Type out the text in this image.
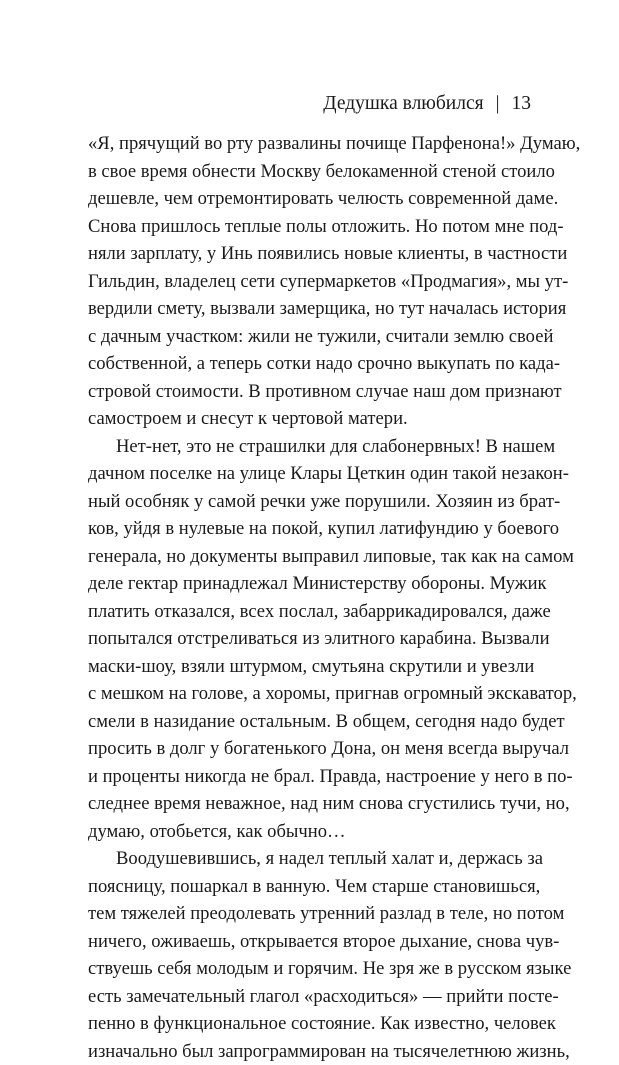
Дедушка влюбился | 13
«Я, прячущий во рту развалины почище Парфенона!» Думаю,
в свое время обнести Москву белокаменной стеной стоило
дешевле, чем отремонтировать челюсть современной даме.
Снова пришлось теплые полы отложить. Но потом мне под-
няли зарплату, у Инь появились новые клиенты, в частности
Гильдин, владелец сети супермаркетов «Продмагия», мы ут-
вердили смету, вызвали замерщика, но тут началась история
с дачным участком: жили не тужили, считали землю своей
собственной, а теперь сотки надо срочно выкупать по када-
стровой стоимости. В противном случае наш дом признают
самостроем и снесут к чертовой матери.
Нет-нет, это не страшилки для слабонервных! В нашем
дачном поселке на улице Клары Цеткин один такой незакон-
ный особняк у самой речки уже порушили. Хозяин из брат-
ков, уйдя в нулевые на покой, купил латифундию у боевого
генерала, но документы выправил липовые, так как на самом
деле гектар принадлежал Министерству обороны. Мужик
платить отказался, всех послал, забаррикадировался, даже
попытался отстреливаться из элитного карабина. Вызвали
маски-шоу, взяли штурмом, смутьяна скрутили и увезли
с мешком на голове, а хоромы, пригнав огромный экскаватор,
смели в назидание остальным. В общем, сегодня надо будет
просить в долг у богатенького Дона, он меня всегда выручал
и проценты никогда не брал. Правда, настроение у него в по-
следнее время неважное, над ним снова сгустились тучи, но,
думаю, отобьется, как обычно…
Воодушевившись, я надел теплый халат и, держась за
поясницу, пошаркал в ванную. Чем старше становишься,
тем тяжелей преодолевать утренний разлад в теле, но потом
ничего, оживаешь, открывается второе дыхание, снова чув-
ствуешь себя молодым и горячим. Не зря же в русском языке
есть замечательный глагол «расходиться» — прийти посте-
пенно в функциональное состояние. Как известно, человек
изначально был запрограммирован на тысячелетнюю жизнь,
